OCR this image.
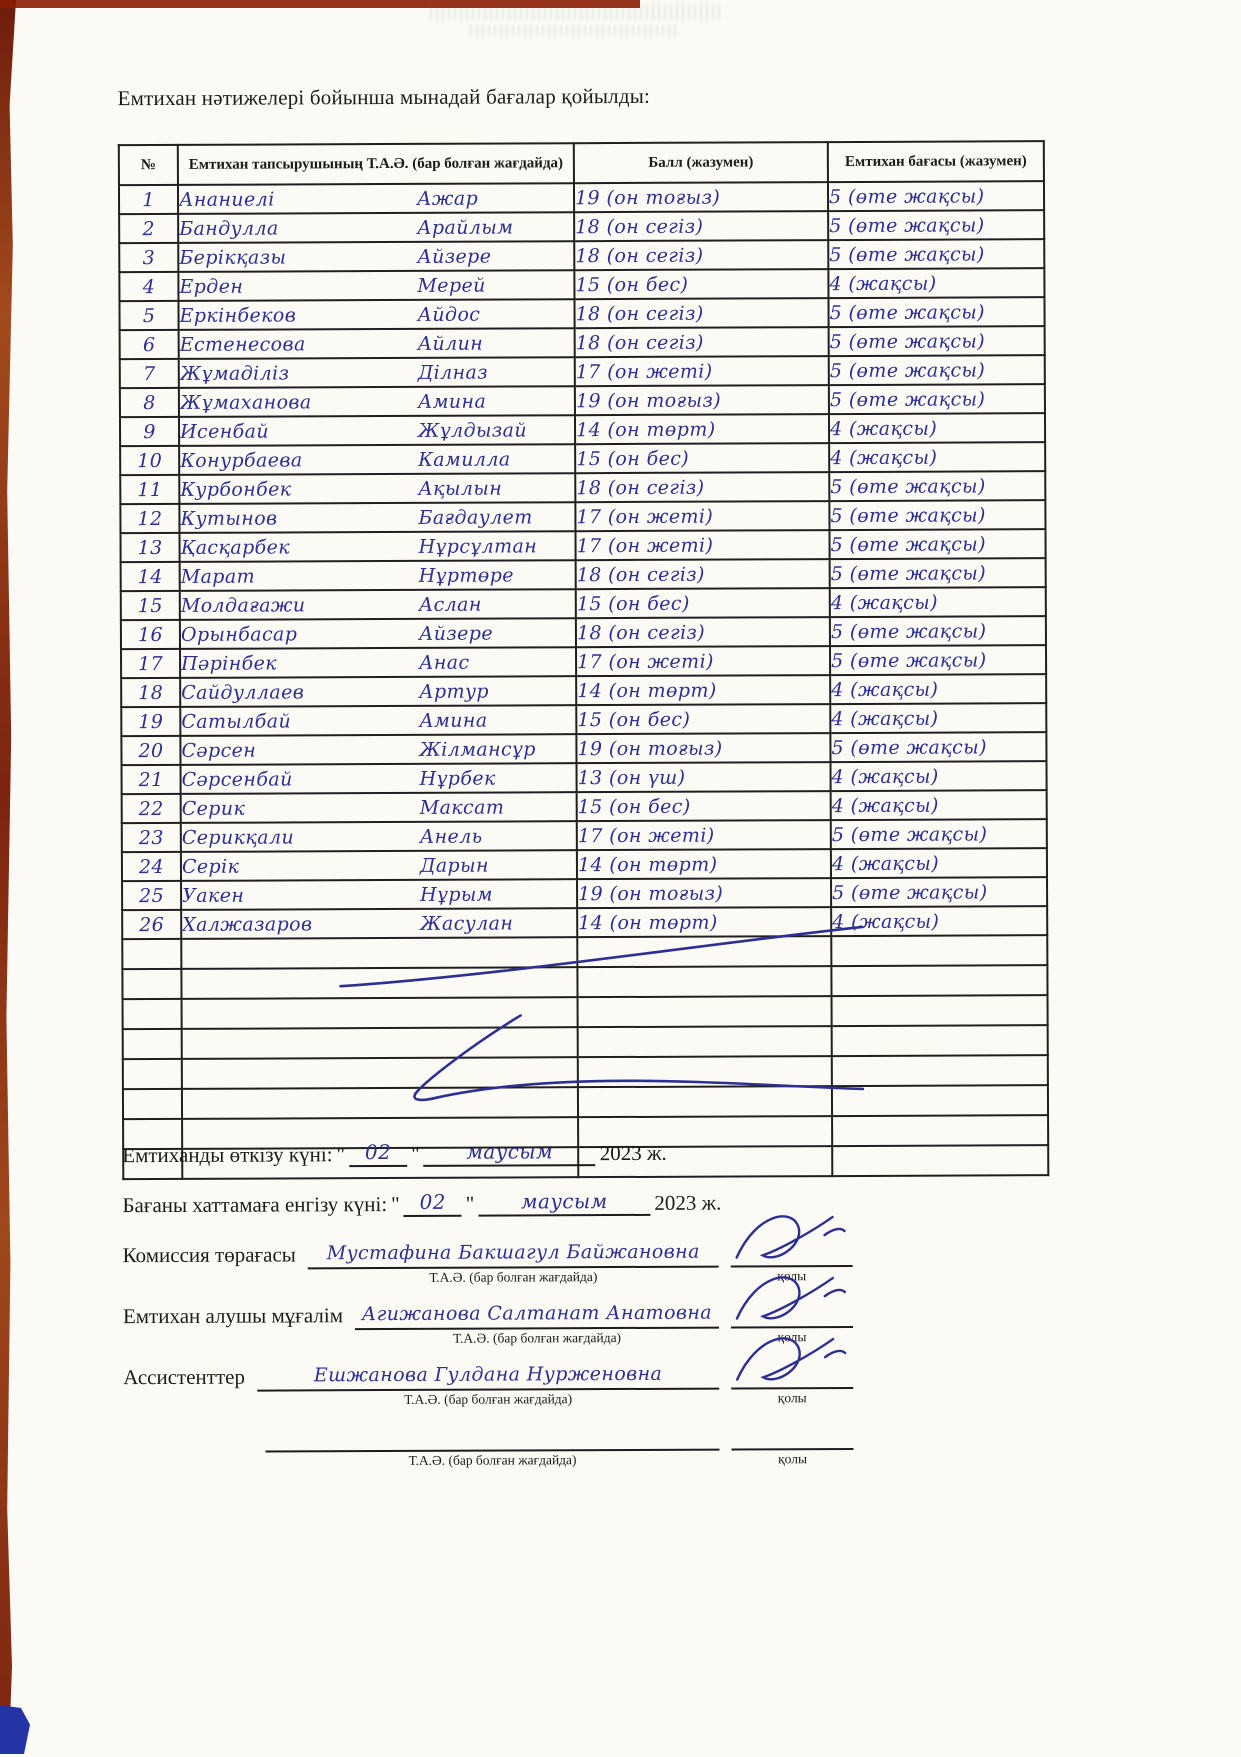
Емтихан нәтижелері бойынша мынадай бағалар қойылды:
№	Емтихан тапсырушының Т.А.Ә. (бар болған жағдайда)	Балл (жазумен)	Емтихан бағасы (жазумен)
1	Ананиелі Ажар	19 (он тоғыз)	5 (өте жақсы)
2	Бандулла Арайлым	18 (он сегіз)	5 (өте жақсы)
3	Берікқазы Айзере	18 (он сегіз)	5 (өте жақсы)
4	Ерден Мерей	15 (он бес)	4 (жақсы)
5	Еркінбеков Айдос	18 (он сегіз)	5 (өте жақсы)
6	Естенесова Айлин	18 (он сегіз)	5 (өте жақсы)
7	Жұмаділіз Ділназ	17 (он жеті)	5 (өте жақсы)
8	Жұмаханова Амина	19 (он тоғыз)	5 (өте жақсы)
9	Исенбай Жұлдызай	14 (он төрт)	4 (жақсы)
10	Конурбаева Камилла	15 (он бес)	4 (жақсы)
11	Курбонбек Ақылын	18 (он сегіз)	5 (өте жақсы)
12	Кутынов Бағдаулет	17 (он жеті)	5 (өте жақсы)
13	Қасқарбек Нұрсұлтан	17 (он жеті)	5 (өте жақсы)
14	Марат Нұртөре	18 (он сегіз)	5 (өте жақсы)
15	Молдағажи Аслан	15 (он бес)	4 (жақсы)
16	Орынбасар Айзере	18 (он сегіз)	5 (өте жақсы)
17	Пәрінбек Анас	17 (он жеті)	5 (өте жақсы)
18	Сайдуллаев Артур	14 (он төрт)	4 (жақсы)
19	Сатылбай Амина	15 (он бес)	4 (жақсы)
20	Сәрсен Жілмансұр	19 (он тоғыз)	5 (өте жақсы)
21	Сәрсенбай Нұрбек	13 (он үш)	4 (жақсы)
22	Серик Максат	15 (он бес)	4 (жақсы)
23	Серикқали Анель	17 (он жеті)	5 (өте жақсы)
24	Серік Дарын	14 (он төрт)	4 (жақсы)
25	Уакен Нұрым	19 (он тоғыз)	5 (өте жақсы)
26	Халжазаров Жасулан	14 (он төрт)	4 (жақсы)

Емтиханды өткізу күні: " 02 " маусым 2023 ж.
Бағаны хаттамаға енгізу күні: " 02 " маусым 2023 ж.
Комиссия төрағасы	Мустафина Бакшагул Байжановна
Т.А.Ә. (бар болған жағдайда)	қолы
Емтихан алушы мұғалім Агижанова Салтанат Анатовна
Т.А.Ә. (бар болған жағдайда)	қолы
Ассистенттер	Ешжанова Гулдана Нурженовна
Т.А.Ә. (бар болған жағдайда)	қолы
Т.А.Ә. (бар болған жағдайда)	қолы
